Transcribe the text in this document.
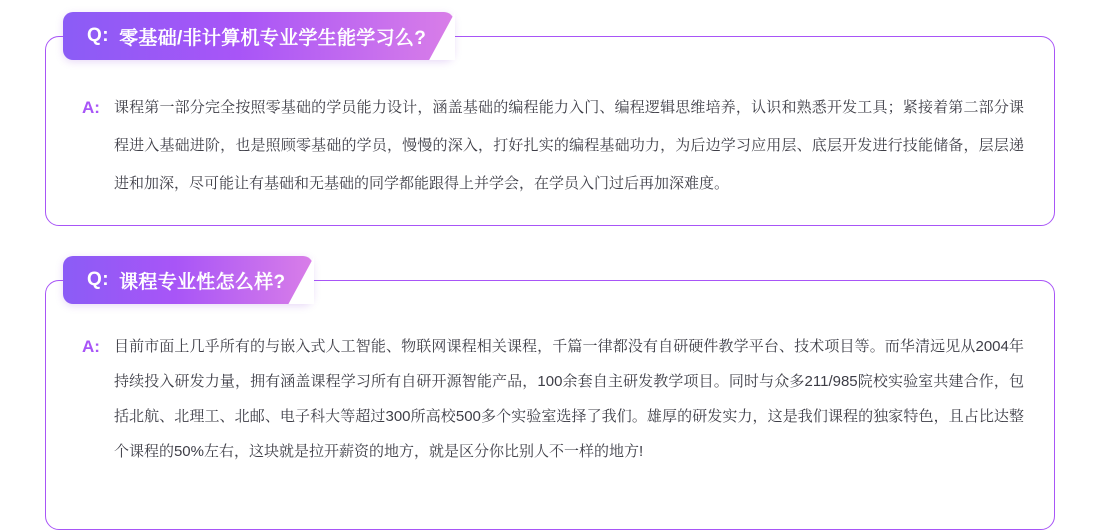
A: 课程第一部分完全按照零基础的学员能力设计，涵盖基础的编程能力入门、编程逻辑思维培养，认识和熟悉开发工具；紧接着第二部分课程进入基础进阶，也是照顾零基础的学员，慢慢的深入，打好扎实的编程基础功力，为后边学习应用层、底层开发进行技能储备，层层递进和加深，尽可能让有基础和无基础的同学都能跟得上并学会，在学员入门过后再加深难度。
Q: 零基础/非计算机专业学生能学习么?
A: 目前市面上几乎所有的与嵌入式人工智能、物联网课程相关课程，千篇一律都没有自研硬件教学平台、技术项目等。而华清远见从2004年持续投入研发力量，拥有涵盖课程学习所有自研开源智能产品，100余套自主研发教学项目。同时与众多211/985院校实验室共建合作，包括北航、北理工、北邮、电子科大等超过300所高校500多个实验室选择了我们。雄厚的研发实力，这是我们课程的独家特色，且占比达整个课程的50%左右，这块就是拉开薪资的地方，就是区分你比别人不一样的地方!
Q: 课程专业性怎么样?
